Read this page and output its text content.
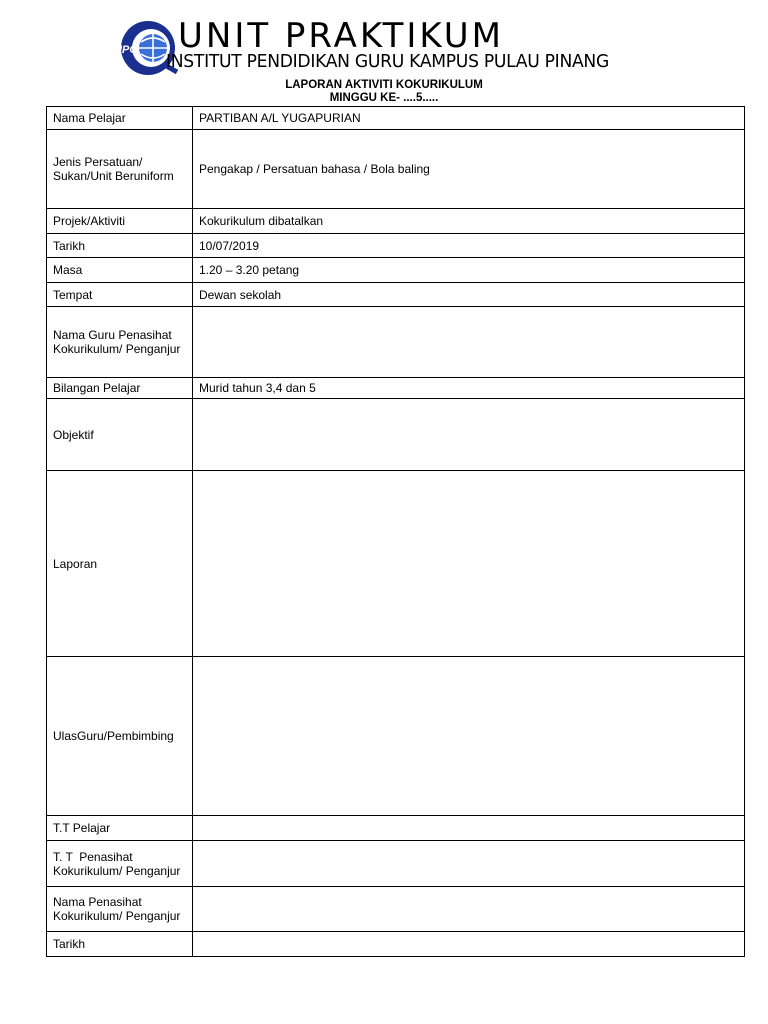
IPG UNIT PRAKTIKUM
INSTITUT PENDIDIKAN GURU KAMPUS PULAU PINANG
LAPORAN AKTIVITI KOKURIKULUM
MINGGU KE- ....5.....
Nama Pelajar	PARTIBAN A/L YUGAPURIAN
Jenis Persatuan/ Sukan/Unit Beruniform	Pengakap / Persatuan bahasa / Bola baling
Projek/Aktiviti	Kokurikulum dibatalkan
Tarikh	10/07/2019
Masa	1.20 – 3.20 petang
Tempat	Dewan sekolah
Nama Guru Penasihat Kokurikulum/ Penganjur	
Bilangan Pelajar	Murid tahun 3,4 dan 5
Objektif	
Laporan	
UlasGuru/Pembimbing	
T.T Pelajar	
T. T  Penasihat Kokurikulum/ Penganjur	
Nama Penasihat Kokurikulum/ Penganjur	
Tarikh	
